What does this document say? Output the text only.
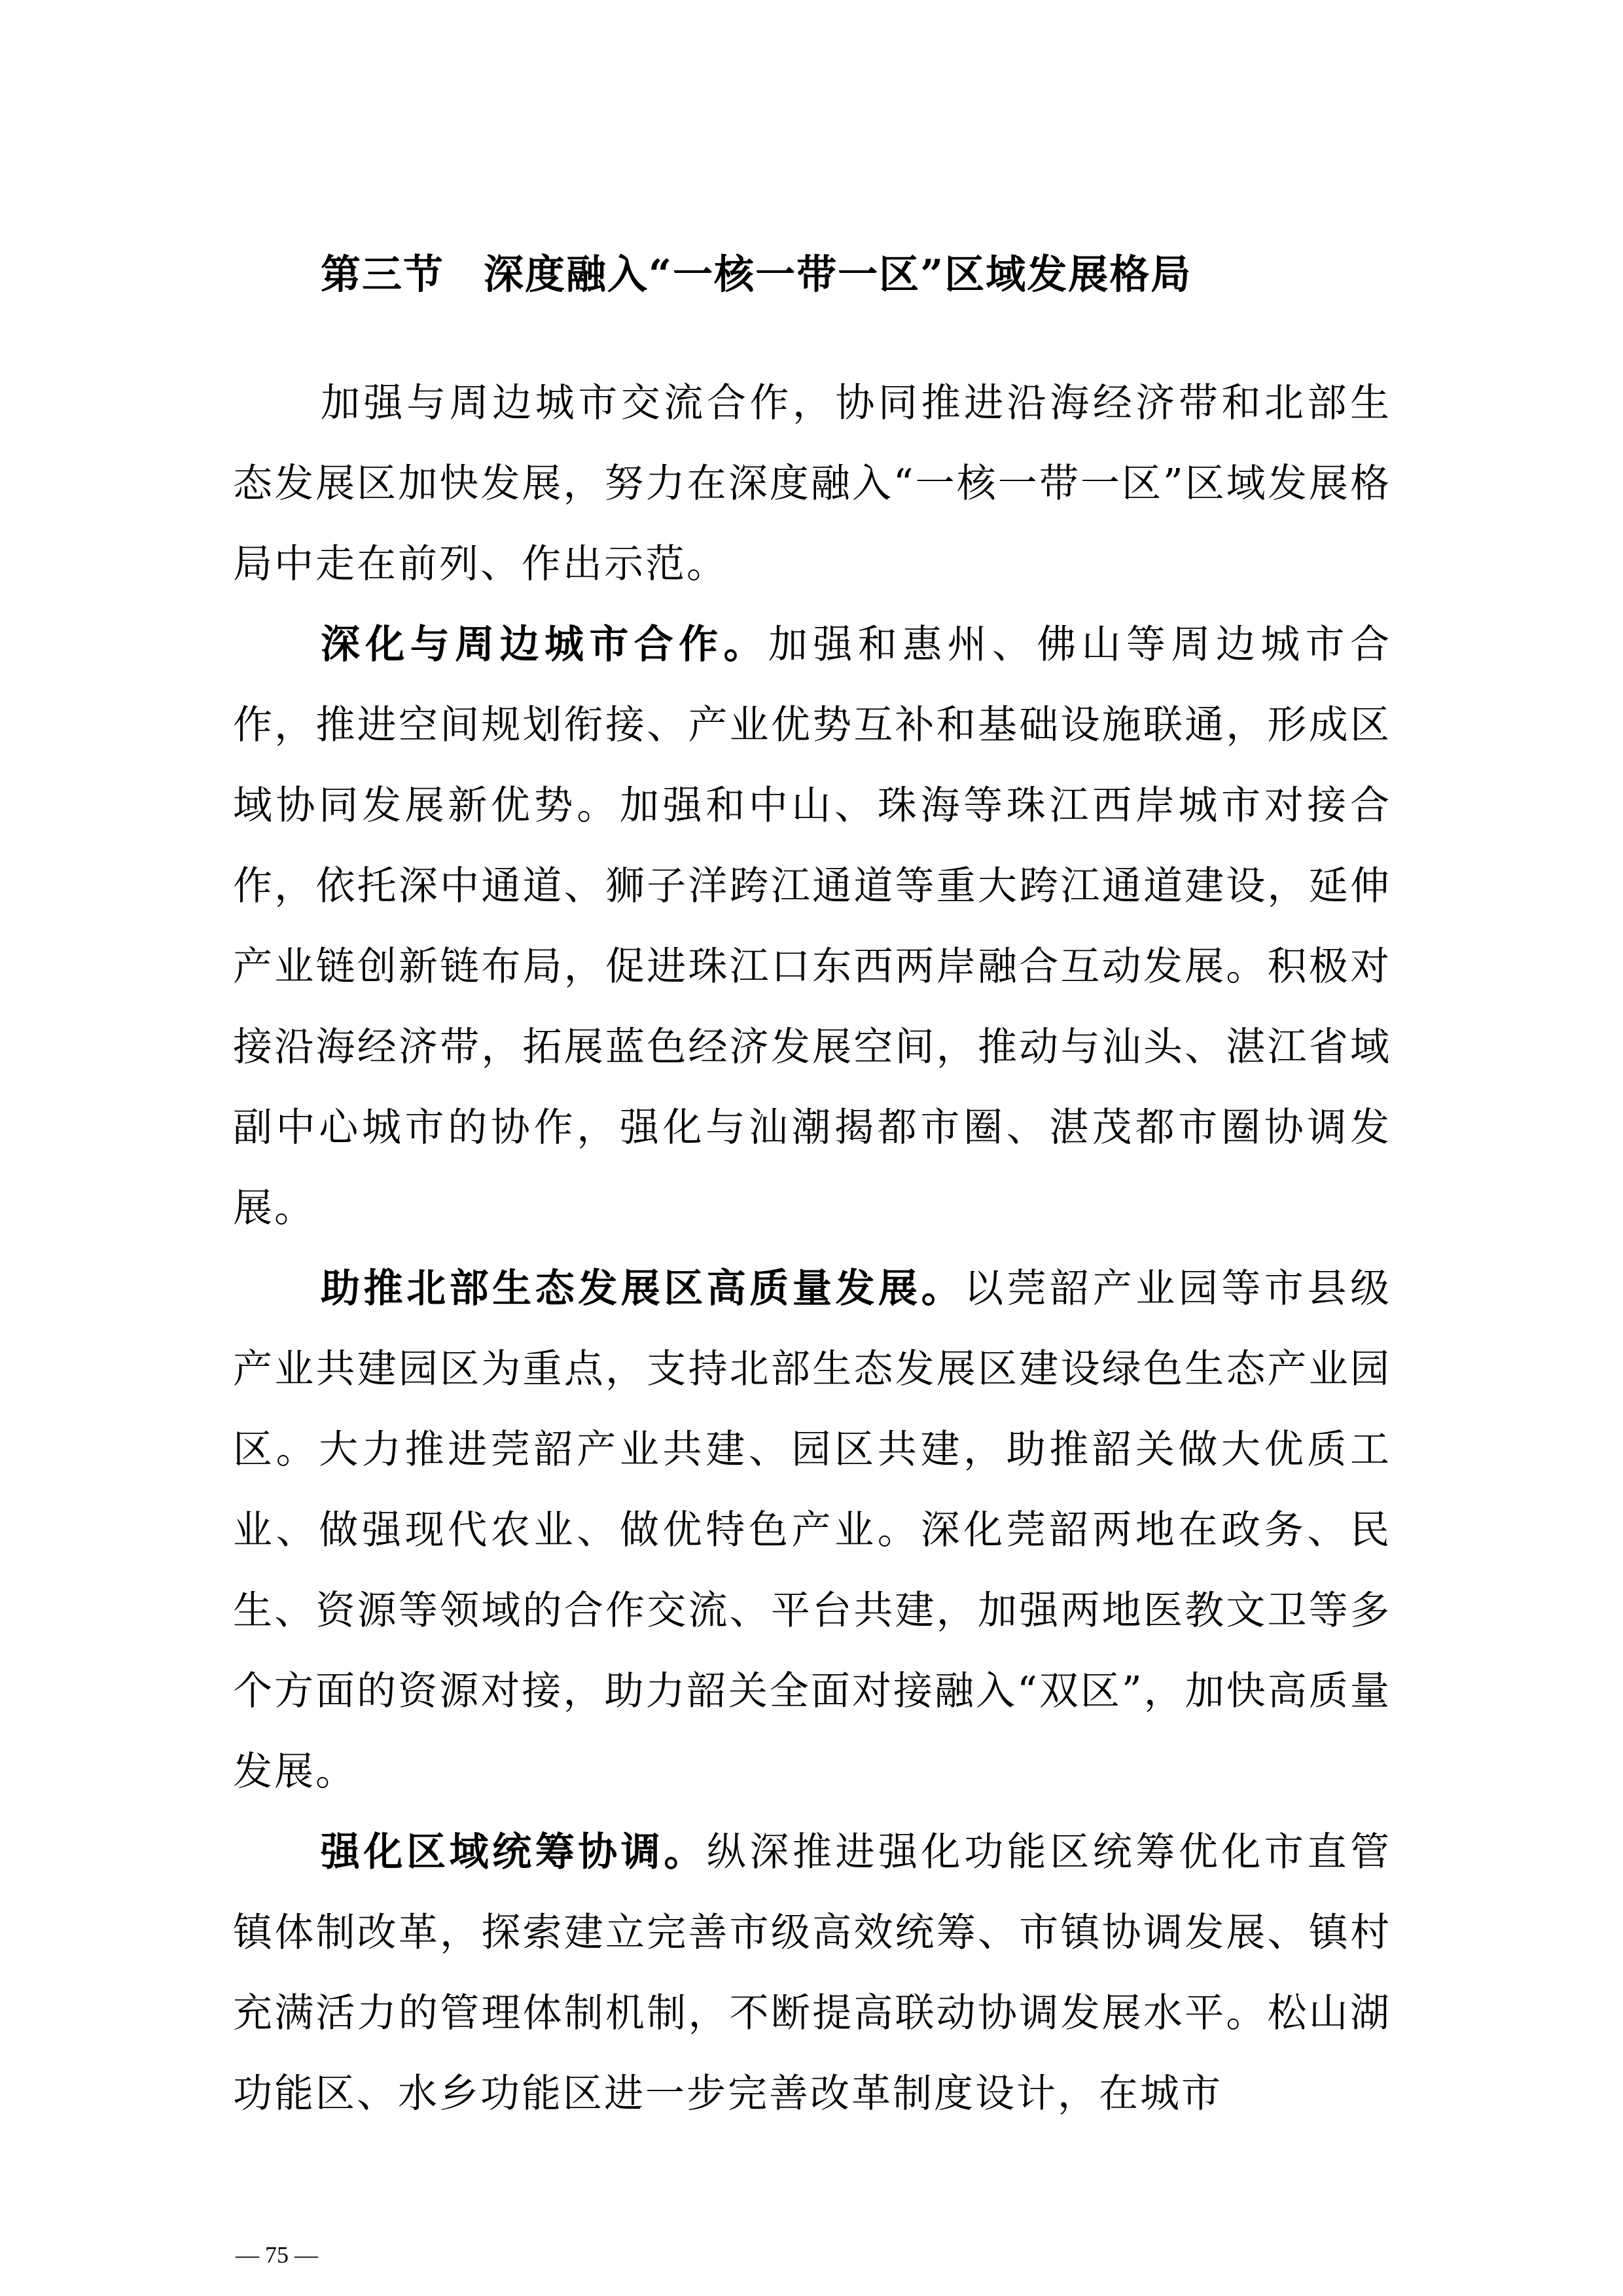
第三节 深度融入“一核一带一区”区域发展格局

加强与周边城市交流合作，协同推进沿海经济带和北部生态发展区加快发展，努力在深度融入“一核一带一区”区域发展格局中走在前列、作出示范。

深化与周边城市合作。加强和惠州、佛山等周边城市合作，推进空间规划衔接、产业优势互补和基础设施联通，形成区域协同发展新优势。加强和中山、珠海等珠江西岸城市对接合作，依托深中通道、狮子洋跨江通道等重大跨江通道建设，延伸产业链创新链布局，促进珠江口东西两岸融合互动发展。积极对接沿海经济带，拓展蓝色经济发展空间，推动与汕头、湛江省域副中心城市的协作，强化与汕潮揭都市圈、湛茂都市圈协调发展。

助推北部生态发展区高质量发展。以莞韶产业园等市县级产业共建园区为重点，支持北部生态发展区建设绿色生态产业园区。大力推进莞韶产业共建、园区共建，助推韶关做大优质工业、做强现代农业、做优特色产业。深化莞韶两地在政务、民生、资源等领域的合作交流、平台共建，加强两地医教文卫等多个方面的资源对接，助力韶关全面对接融入“双区”，加快高质量发展。

强化区域统筹协调。纵深推进强化功能区统筹优化市直管镇体制改革，探索建立完善市级高效统筹、市镇协调发展、镇村充满活力的管理体制机制，不断提高联动协调发展水平。松山湖功能区、水乡功能区进一步完善改革制度设计，在城市

— 75 —
